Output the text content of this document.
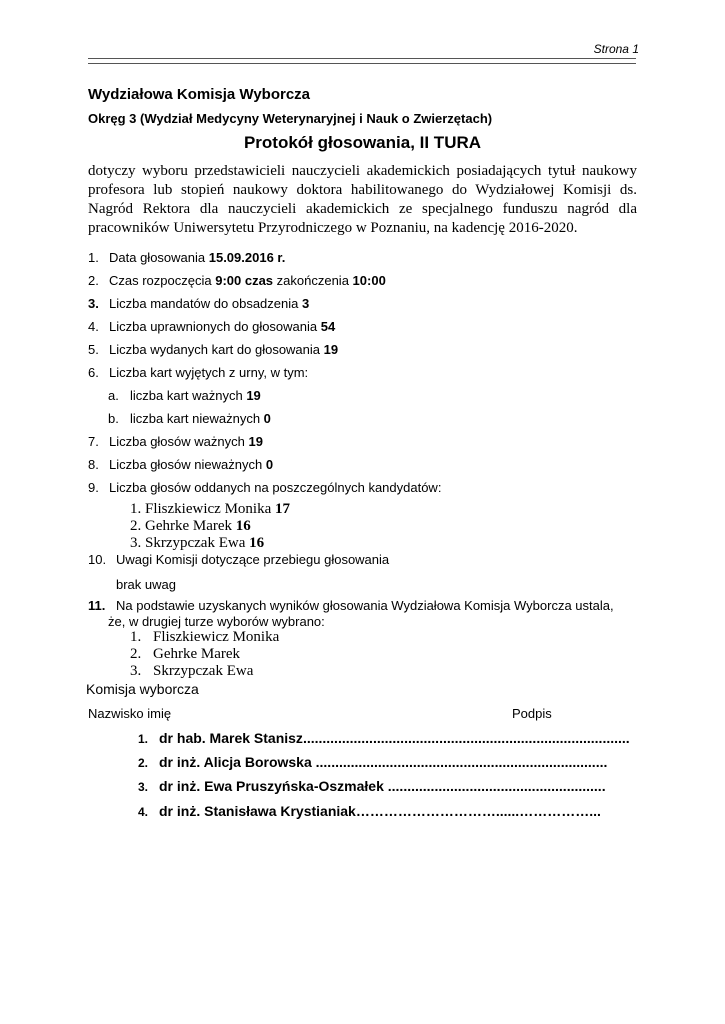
Strona 1
Wydziałowa Komisja Wyborcza
Okręg 3 (Wydział Medycyny Weterynaryjnej i Nauk o Zwierzętach)
Protokół głosowania, II TURA
dotyczy wyboru przedstawicieli nauczycieli akademickich posiadających tytuł naukowy profesora lub stopień naukowy doktora habilitowanego do Wydziałowej Komisji ds. Nagród Rektora dla nauczycieli akademickich ze specjalnego funduszu nagród dla pracowników Uniwersytetu Przyrodniczego w Poznaniu, na kadencję 2016-2020.
1. Data głosowania 15.09.2016 r.
2. Czas rozpoczęcia 9:00 czas zakończenia 10:00
3. Liczba mandatów do obsadzenia 3
4. Liczba uprawnionych do głosowania 54
5. Liczba wydanych kart do głosowania 19
6. Liczba kart wyjętych z urny, w tym:
a. liczba kart ważnych 19
b. liczba kart nieważnych 0
7. Liczba głosów ważnych 19
8. Liczba głosów nieważnych 0
9. Liczba głosów oddanych na poszczególnych kandydatów:
1. Fliszkiewicz Monika 17
2. Gehrke Marek 16
3. Skrzypczak Ewa 16
10. Uwagi Komisji dotyczące przebiegu głosowania
brak uwag
11. Na podstawie uzyskanych wyników głosowania Wydziałowa Komisja Wyborcza ustala,
że, w drugiej turze wyborów wybrano:
1. Fliszkiewicz Monika
2. Gehrke Marek
3. Skrzypczak Ewa
Komisja wyborcza
Nazwisko imię	Podpis
1. dr hab. Marek Stanisz....................................................................................
2. dr inż. Alicja Borowska ...........................................................................
3. dr inż. Ewa Pruszyńska-Oszmałek ........................................................
4. dr inż. Stanisława Krystianiak…………………………......……………...
